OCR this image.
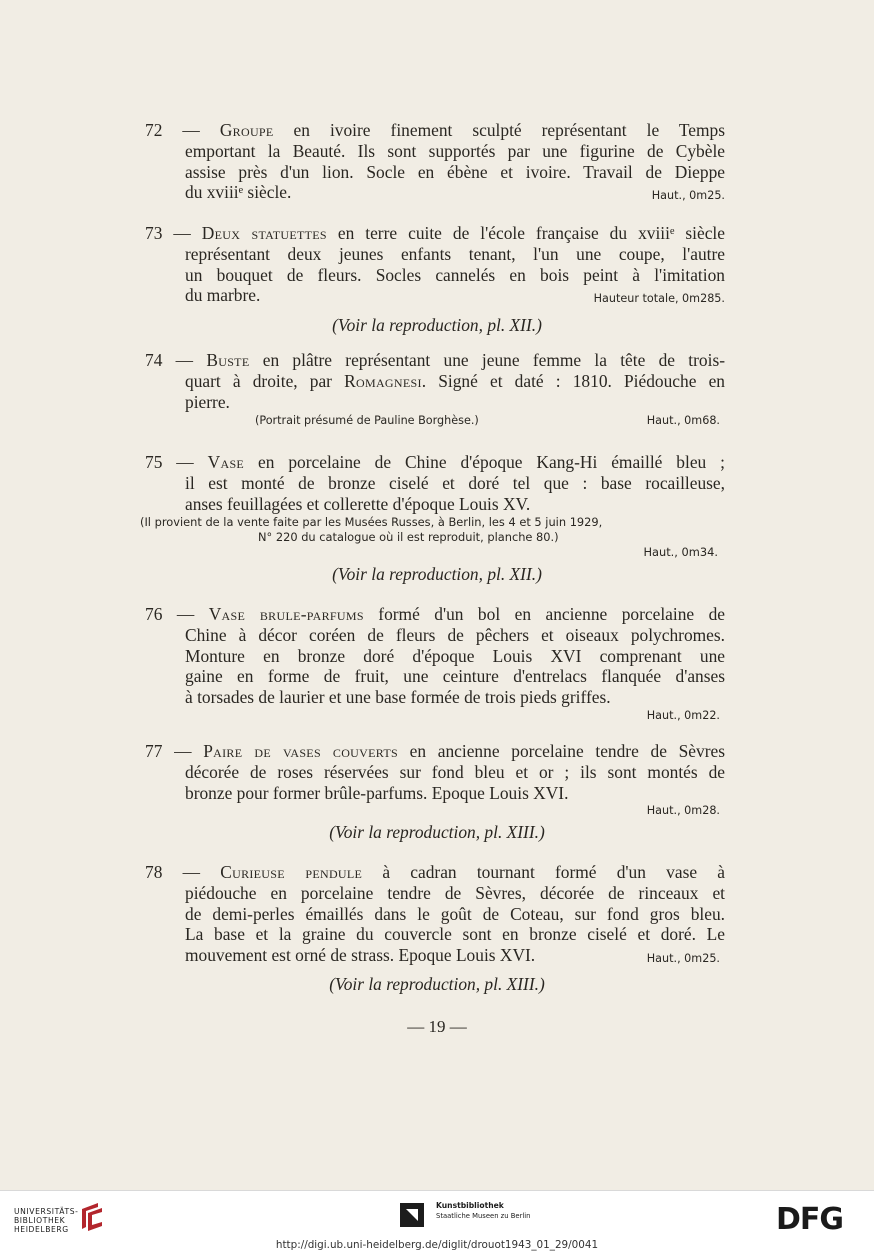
72 — Groupe en ivoire finement sculpté représentant le Temps
emportant la Beauté. Ils sont supportés par une figurine de Cybèle
assise près d'un lion. Socle en ébène et ivoire. Travail de Dieppe
du xviiiᵉ siècle.	Haut., 0m25.
73 — Deux statuettes en terre cuite de l'école française du xviiiᵉ siècle
représentant deux jeunes enfants tenant, l'un une coupe, l'autre
un bouquet de fleurs. Socles cannelés en bois peint à l'imitation
du marbre.	Hauteur totale, 0m285.
(Voir la reproduction, pl. XII.)
74 — Buste en plâtre représentant une jeune femme la tête de trois-
quart à droite, par Romagnesi. Signé et daté : 1810. Piédouche en
pierre.
(Portrait présumé de Pauline Borghèse.)	Haut., 0m68.
75 — Vase en porcelaine de Chine d'époque Kang-Hi émaillé bleu ;
il est monté de bronze ciselé et doré tel que : base rocailleuse,
anses feuillagées et collerette d'époque Louis XV.
(Il provient de la vente faite par les Musées Russes, à Berlin, les 4 et 5 juin 1929,
N° 220 du catalogue où il est reproduit, planche 80.)
Haut., 0m34.
(Voir la reproduction, pl. XII.)
76 — Vase brule-parfums formé d'un bol en ancienne porcelaine de
Chine à décor coréen de fleurs de pêchers et oiseaux polychromes.
Monture en bronze doré d'époque Louis XVI comprenant une
gaine en forme de fruit, une ceinture d'entrelacs flanquée d'anses
à torsades de laurier et une base formée de trois pieds griffes.
Haut., 0m22.
77 — Paire de vases couverts en ancienne porcelaine tendre de Sèvres
décorée de roses réservées sur fond bleu et or ; ils sont montés de
bronze pour former brûle-parfums. Epoque Louis XVI.
Haut., 0m28.
(Voir la reproduction, pl. XIII.)
78 — Curieuse pendule à cadran tournant formé d'un vase à
piédouche en porcelaine tendre de Sèvres, décorée de rinceaux et
de demi-perles émaillés dans le goût de Coteau, sur fond gros bleu.
La base et la graine du couvercle sont en bronze ciselé et doré. Le
mouvement est orné de strass. Epoque Louis XVI.	Haut., 0m25.
(Voir la reproduction, pl. XIII.)
— 19 —
UNIVERSITÄTS-
BIBLIOTHEK
HEIDELBERG
Kunstbibliothek
Staatliche Museen zu Berlin	DFG
http://digi.ub.uni-heidelberg.de/diglit/drouot1943_01_29/0041
